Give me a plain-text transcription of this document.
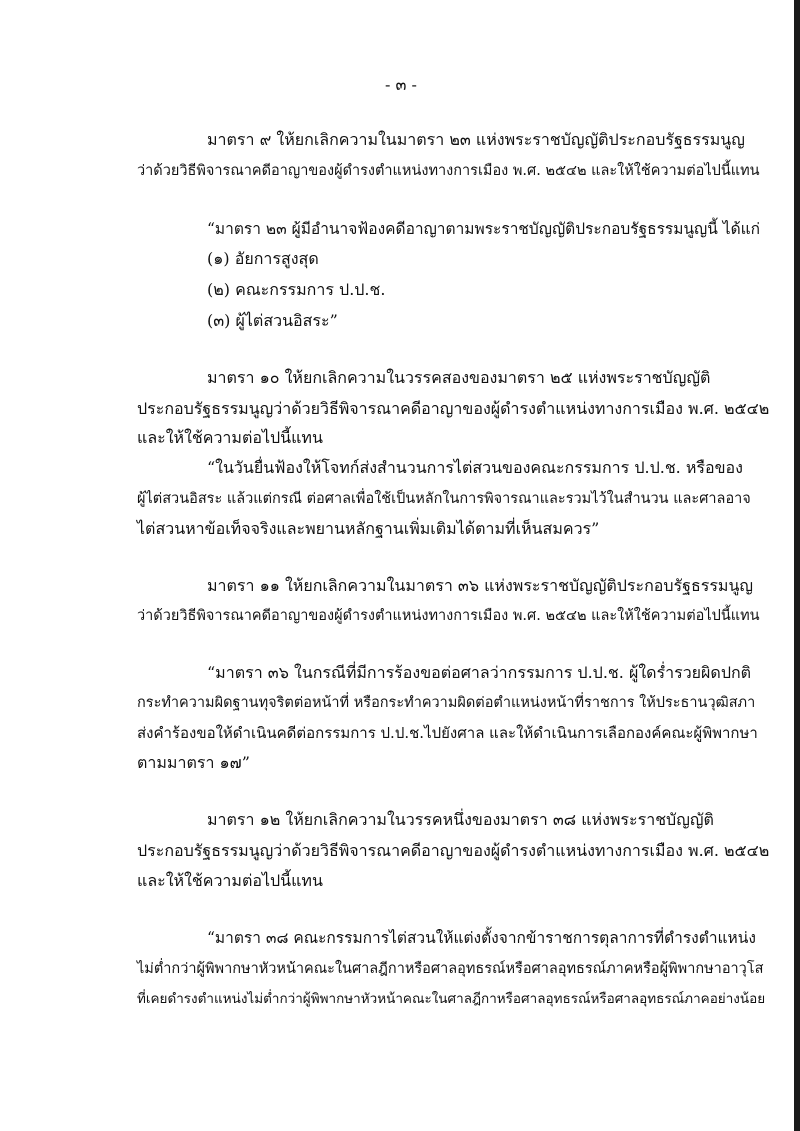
- ๓ -
มาตรา ๙ ให้ยกเลิกความในมาตรา ๒๓ แห่งพระราชบัญญัติประกอบรัฐธรรมนูญ
ว่าด้วยวิธีพิจารณาคดีอาญาของผู้ดำรงตำแหน่งทางการเมือง พ.ศ. ๒๕๔๒ และให้ใช้ความต่อไปนี้แทน
“มาตรา ๒๓ ผู้มีอำนาจฟ้องคดีอาญาตามพระราชบัญญัติประกอบรัฐธรรมนูญนี้ ได้แก่
(๑) อัยการสูงสุด
(๒) คณะกรรมการ ป.ป.ช.
(๓) ผู้ไต่สวนอิสระ”
มาตรา ๑๐ ให้ยกเลิกความในวรรคสองของมาตรา ๒๕ แห่งพระราชบัญญัติ
ประกอบรัฐธรรมนูญว่าด้วยวิธีพิจารณาคดีอาญาของผู้ดำรงตำแหน่งทางการเมือง พ.ศ. ๒๕๔๒
และให้ใช้ความต่อไปนี้แทน
“ในวันยื่นฟ้องให้โจทก์ส่งสำนวนการไต่สวนของคณะกรรมการ ป.ป.ช. หรือของ
ผู้ไต่สวนอิสระ แล้วแต่กรณี ต่อศาลเพื่อใช้เป็นหลักในการพิจารณาและรวมไว้ในสำนวน และศาลอาจ
ไต่สวนหาข้อเท็จจริงและพยานหลักฐานเพิ่มเติมได้ตามที่เห็นสมควร”
มาตรา ๑๑ ให้ยกเลิกความในมาตรา ๓๖ แห่งพระราชบัญญัติประกอบรัฐธรรมนูญ
ว่าด้วยวิธีพิจารณาคดีอาญาของผู้ดำรงตำแหน่งทางการเมือง พ.ศ. ๒๕๔๒ และให้ใช้ความต่อไปนี้แทน
“มาตรา ๓๖ ในกรณีที่มีการร้องขอต่อศาลว่ากรรมการ ป.ป.ช. ผู้ใดร่ำรวยผิดปกติ
กระทำความผิดฐานทุจริตต่อหน้าที่ หรือกระทำความผิดต่อตำแหน่งหน้าที่ราชการ ให้ประธานวุฒิสภา
ส่งคำร้องขอให้ดำเนินคดีต่อกรรมการ ป.ป.ช.ไปยังศาล และให้ดำเนินการเลือกองค์คณะผู้พิพากษา
ตามมาตรา ๑๗”
มาตรา ๑๒ ให้ยกเลิกความในวรรคหนึ่งของมาตรา ๓๘ แห่งพระราชบัญญัติ
ประกอบรัฐธรรมนูญว่าด้วยวิธีพิจารณาคดีอาญาของผู้ดำรงตำแหน่งทางการเมือง พ.ศ. ๒๕๔๒
และให้ใช้ความต่อไปนี้แทน
“มาตรา ๓๘ คณะกรรมการไต่สวนให้แต่งตั้งจากข้าราชการตุลาการที่ดำรงตำแหน่ง
ไม่ต่ำกว่าผู้พิพากษาหัวหน้าคณะในศาลฎีกาหรือศาลอุทธรณ์หรือศาลอุทธรณ์ภาคหรือผู้พิพากษาอาวุโส
ที่เคยดำรงตำแหน่งไม่ต่ำกว่าผู้พิพากษาหัวหน้าคณะในศาลฎีกาหรือศาลอุทธรณ์หรือศาลอุทธรณ์ภาคอย่างน้อย
